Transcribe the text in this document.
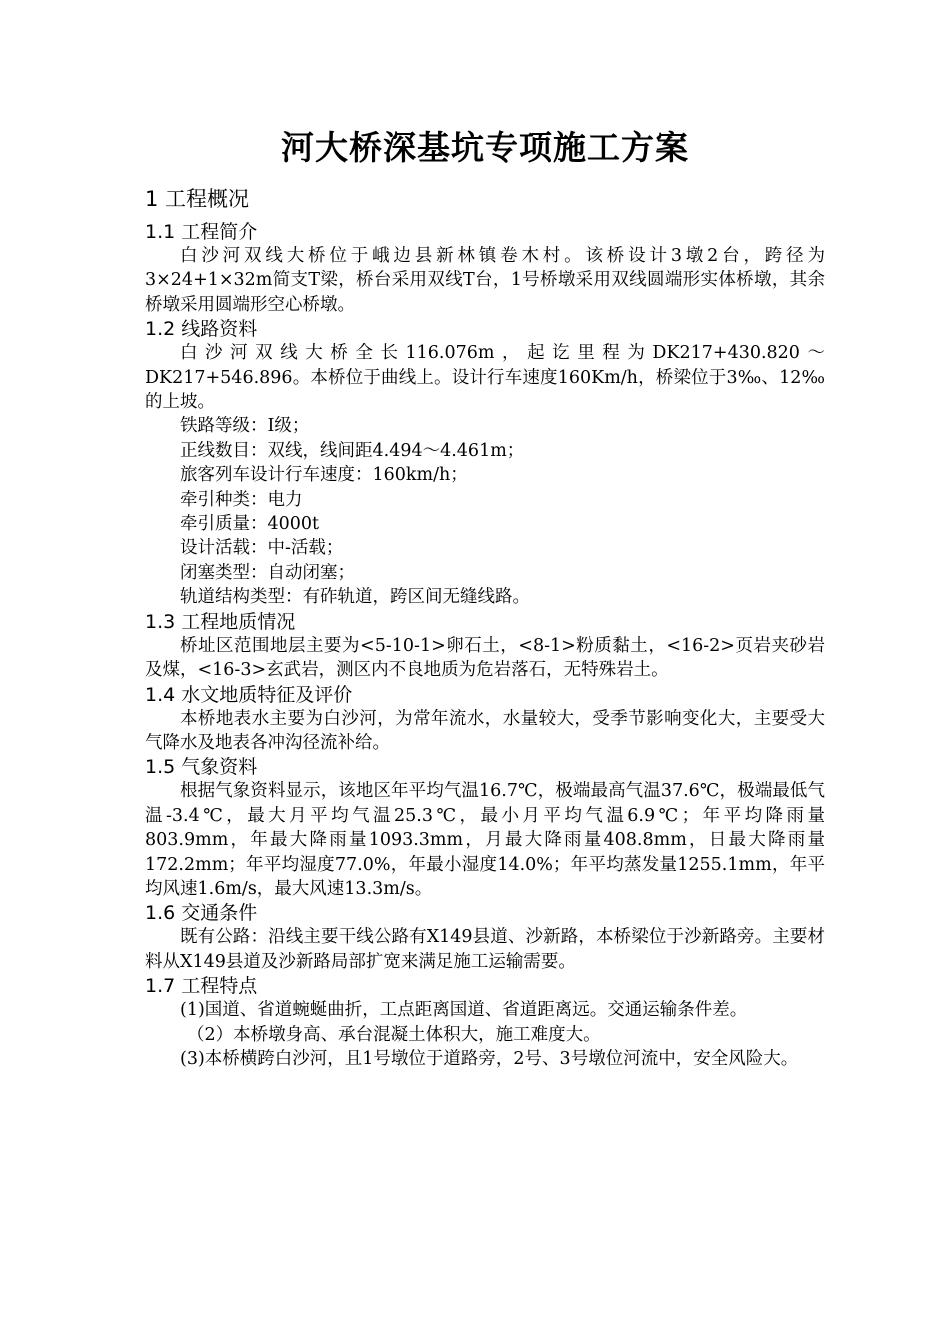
河大桥深基坑专项施工方案
1 工程概况
1.1 工程简介

白沙河双线大桥位于峨边县新林镇卷木村。该桥设计3墩2台，跨径为3×24+1×32m简支T梁，桥台采用双线T台，1号桥墩采用双线圆端形实体桥墩，其余桥墩采用圆端形空心桥墩。

1.2 线路资料

白沙河双线大桥全长116.076m，起讫里程为DK217+430.820～DK217+546.896。本桥位于曲线上。设计行车速度160Km/h，桥梁位于3‰、12‰的上坡。

铁路等级：Ⅰ级；

正线数目：双线，线间距4.494～4.461m；

旅客列车设计行车速度：160km/h；

牵引种类：电力

牵引质量：4000t

设计活载：中-活载；

闭塞类型：自动闭塞；

轨道结构类型：有砟轨道，跨区间无缝线路。

1.3 工程地质情况

桥址区范围地层主要为<5-10-1>卵石土，<8-1>粉质黏土，<16-2>页岩夹砂岩及煤，<16-3>玄武岩，测区内不良地质为危岩落石，无特殊岩土。

1.4 水文地质特征及评价

本桥地表水主要为白沙河，为常年流水，水量较大，受季节影响变化大，主要受大气降水及地表各冲沟径流补给。

1.5 气象资料

根据气象资料显示，该地区年平均气温16.7℃，极端最高气温37.6℃，极端最低气温-3.4℃，最大月平均气温25.3℃，最小月平均气温6.9℃；年平均降雨量803.9mm，年最大降雨量1093.3mm，月最大降雨量408.8mm，日最大降雨量172.2mm；年平均湿度77.0%，年最小湿度14.0%；年平均蒸发量1255.1mm，年平均风速1.6m/s，最大风速13.3m/s。

1.6 交通条件

既有公路：沿线主要干线公路有X149县道、沙新路，本桥梁位于沙新路旁。主要材料从X149县道及沙新路局部扩宽来满足施工运输需要。

1.7 工程特点

(1)国道、省道蜿蜒曲折，工点距离国道、省道距离远。交通运输条件差。

（2）本桥墩身高、承台混凝土体积大，施工难度大。

(3)本桥横跨白沙河，且1号墩位于道路旁，2号、3号墩位河流中，安全风险大。
